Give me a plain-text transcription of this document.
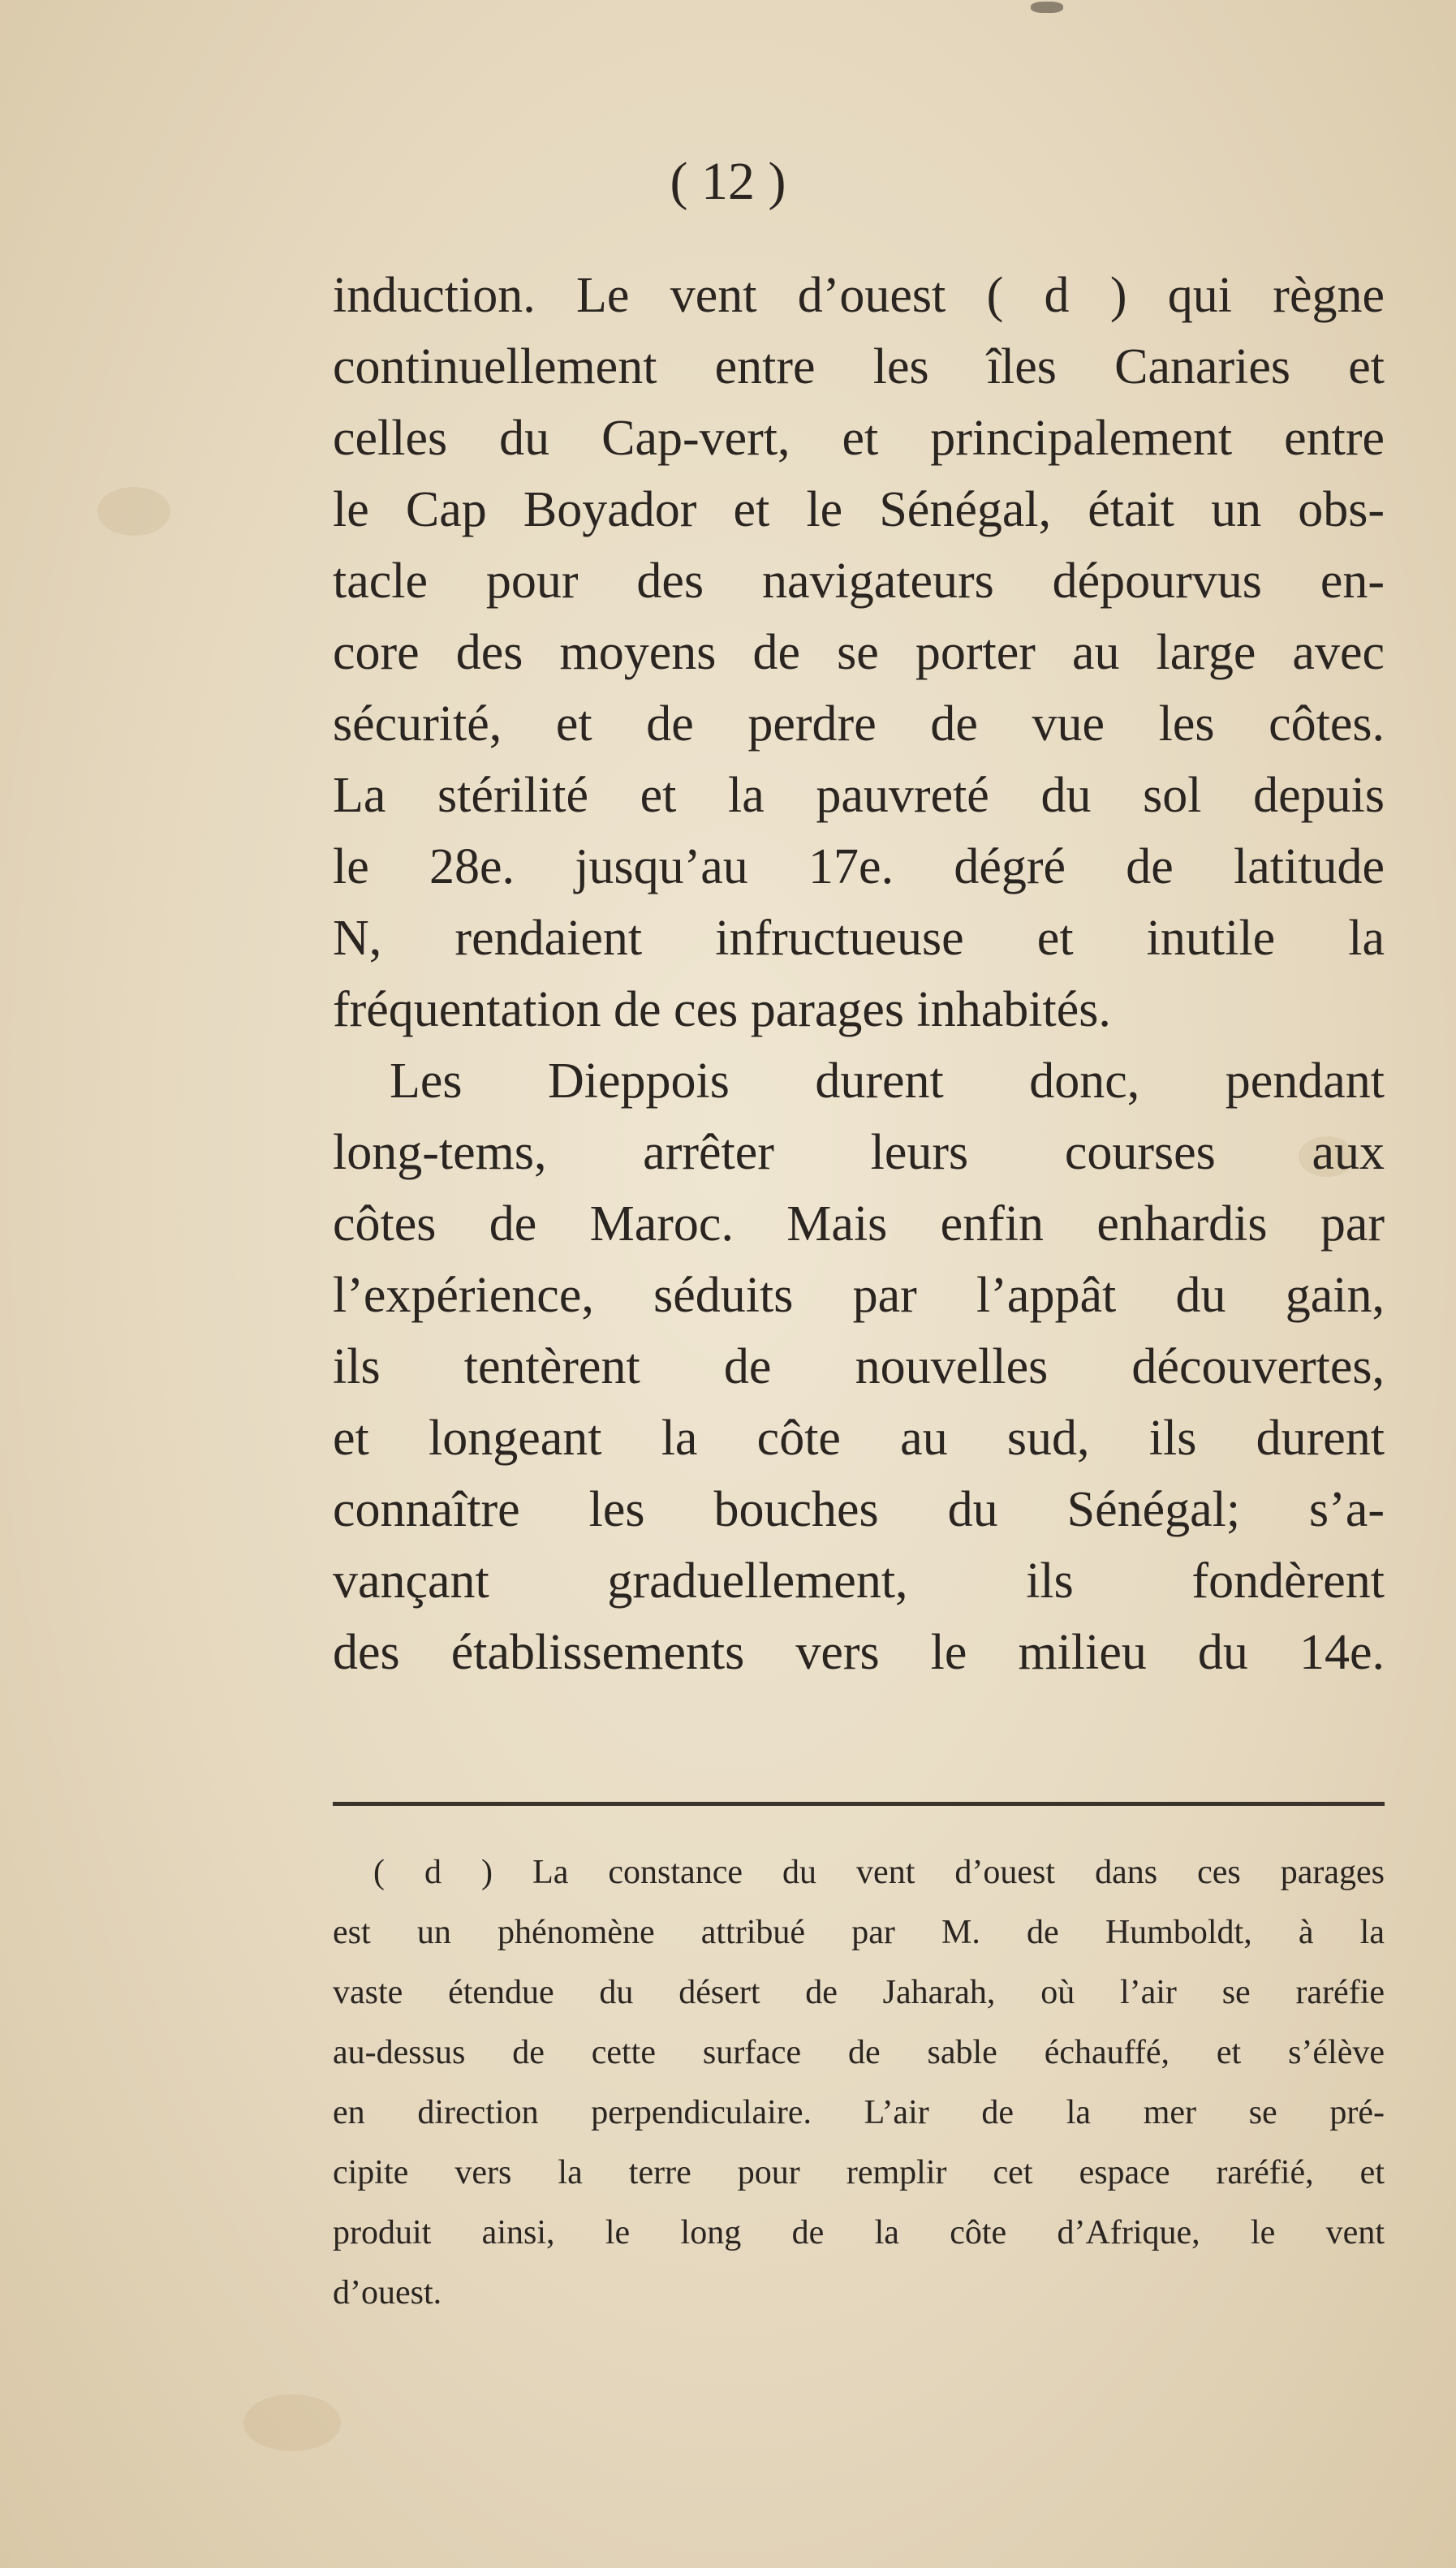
( 12 )
induction. Le vent d’ouest ( d ) qui règne
continuellement entre les îles Canaries et
celles du Cap-vert, et principalement entre
le Cap Boyador et le Sénégal, était un obs-
tacle pour des navigateurs dépourvus en-
core des moyens de se porter au large avec
sécurité, et de perdre de vue les côtes.
La stérilité et la pauvreté du sol depuis
le 28e. jusqu’au 17e. dégré de latitude
N, rendaient infructueuse et inutile la
fréquentation de ces parages inhabités.
Les Dieppois durent donc, pendant
long-tems, arrêter leurs courses aux
côtes de Maroc. Mais enfin enhardis par
l’expérience, séduits par l’appât du gain,
ils tentèrent de nouvelles découvertes,
et longeant la côte au sud, ils durent
connaître les bouches du Sénégal; s’a-
vançant graduellement, ils fondèrent
des établissements vers le milieu du 14e.
( d ) La constance du vent d’ouest dans ces parages
est un phénomène attribué par M. de Humboldt, à la
vaste étendue du désert de Jaharah, où l’air se raréfie
au-dessus de cette surface de sable échauffé, et s’élève
en direction perpendiculaire. L’air de la mer se pré-
cipite vers la terre pour remplir cet espace raréfié, et
produit ainsi, le long de la côte d’Afrique, le vent
d’ouest.
